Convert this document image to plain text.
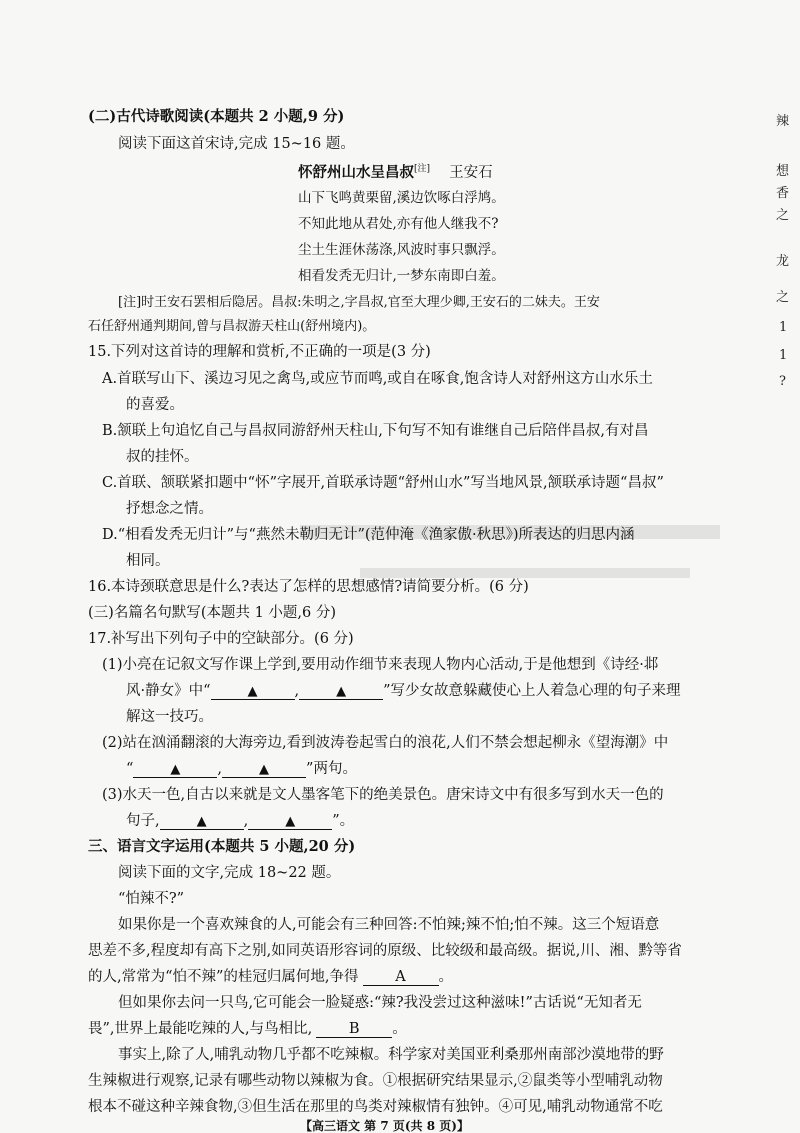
辣
想
香
之
龙
之
1
1
?
(二)古代诗歌阅读(本题共 2 小题,9 分)
阅读下面这首宋诗,完成 15~16 题。
怀舒州山水呈昌叔[注] 王安石
山下飞鸣黄栗留,溪边饮啄白浮鸠。
不知此地从君处,亦有他人继我不?
尘土生涯休荡涤,风波时事只飘浮。
相看发秃无归计,一梦东南即白羞。
[注]时王安石罢相后隐居。昌叔:朱明之,字昌叔,官至大理少卿,王安石的二妹夫。王安
石任舒州通判期间,曾与昌叔游天柱山(舒州境内)。
15.下列对这首诗的理解和赏析,不正确的一项是(3 分)
A.首联写山下、溪边习见之禽鸟,或应节而鸣,或自在啄食,饱含诗人对舒州这方山水乐土
的喜爱。
B.颔联上句追忆自己与昌叔同游舒州天柱山,下句写不知有谁继自己后陪伴昌叔,有对昌
叔的挂怀。
C.首联、颔联紧扣题中“怀”字展开,首联承诗题“舒州山水”写当地风景,颔联承诗题“昌叔”
抒想念之情。
D.“相看发秃无归计”与“燕然未勒归无计”(范仲淹《渔家傲·秋思》)所表达的归思内涵
相同。
16.本诗颈联意思是什么?表达了怎样的思想感情?请简要分析。(6 分)
(三)名篇名句默写(本题共 1 小题,6 分)
17.补写出下列句子中的空缺部分。(6 分)
(1)小亮在记叙文写作课上学到,要用动作细节来表现人物内心活动,于是他想到《诗经·邶
风·静女》中“	▲	,	▲	”写少女故意躲藏使心上人着急心理的句子来理
解这一技巧。
(2)站在汹涌翻滚的大海旁边,看到波涛卷起雪白的浪花,人们不禁会想起柳永《望海潮》中
“	▲	,	▲	”两句。
(3)水天一色,自古以来就是文人墨客笔下的绝美景色。唐宋诗文中有很多写到水天一色的
句子,	▲	,	▲	”。
三、语言文字运用(本题共 5 小题,20 分)
阅读下面的文字,完成 18~22 题。
“怕辣不?”
如果你是一个喜欢辣食的人,可能会有三种回答:不怕辣;辣不怕;怕不辣。这三个短语意
思差不多,程度却有高下之别,如同英语形容词的原级、比较级和最高级。据说,川、湘、黔等省
的人,常常为“怕不辣”的桂冠归属何地,争得	A 。
但如果你去问一只鸟,它可能会一脸疑惑:“辣?我没尝过这种滋味!”古话说“无知者无
畏”,世界上最能吃辣的人,与鸟相比,	B 。
事实上,除了人,哺乳动物几乎都不吃辣椒。科学家对美国亚利桑那州南部沙漠地带的野
生辣椒进行观察,记录有哪些动物以辣椒为食。①根据研究结果显示,②鼠类等小型哺乳动物
根本不碰这种辛辣食物,③但生活在那里的鸟类对辣椒情有独钟。④可见,哺乳动物通常不吃
【高三语文 第 7 页(共 8 页)】
